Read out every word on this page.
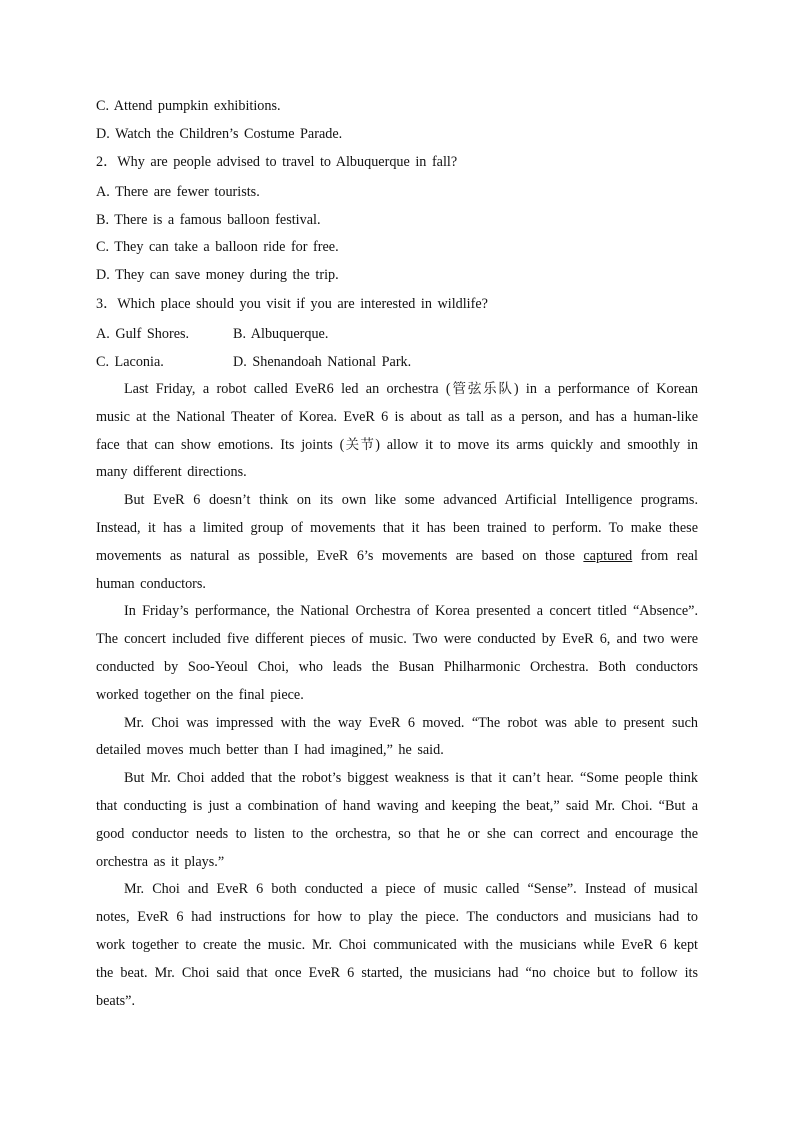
C. Attend pumpkin exhibitions.
D. Watch the Children’s Costume Parade.
2．Why are people advised to travel to Albuquerque in fall?
A. There are fewer tourists.
B. There is a famous balloon festival.
C. They can take a balloon ride for free.
D. They can save money during the trip.
3．Which place should you visit if you are interested in wildlife?
A. Gulf Shores.	B. Albuquerque.
C. Laconia.	D. Shenandoah National Park.

Last Friday, a robot called EveR6 led an orchestra (管弦乐队) in a performance of Korean music at the National Theater of Korea. EveR 6 is about as tall as a person, and has a human-like face that can show emotions. Its joints (关节) allow it to move its arms quickly and smoothly in many different directions.

But EveR 6 doesn’t think on its own like some advanced Artificial Intelligence programs. Instead, it has a limited group of movements that it has been trained to perform. To make these movements as natural as possible, EveR 6’s movements are based on those captured from real human conductors.

In Friday’s performance, the National Orchestra of Korea presented a concert titled “Absence”. The concert included five different pieces of music. Two were conducted by EveR 6, and two were conducted by Soo-Yeoul Choi, who leads the Busan Philharmonic Orchestra. Both conductors worked together on the final piece.

Mr. Choi was impressed with the way EveR 6 moved. “The robot was able to present such detailed moves much better than I had imagined,” he said.

But Mr. Choi added that the robot’s biggest weakness is that it can’t hear. “Some people think that conducting is just a combination of hand waving and keeping the beat,” said Mr. Choi. “But a good conductor needs to listen to the orchestra, so that he or she can correct and encourage the orchestra as it plays.”

Mr. Choi and EveR 6 both conducted a piece of music called “Sense”. Instead of musical notes, EveR 6 had instructions for how to play the piece. The conductors and musicians had to work together to create the music. Mr. Choi communicated with the musicians while EveR 6 kept the beat. Mr. Choi said that once EveR 6 started, the musicians had “no choice but to follow its beats”.
